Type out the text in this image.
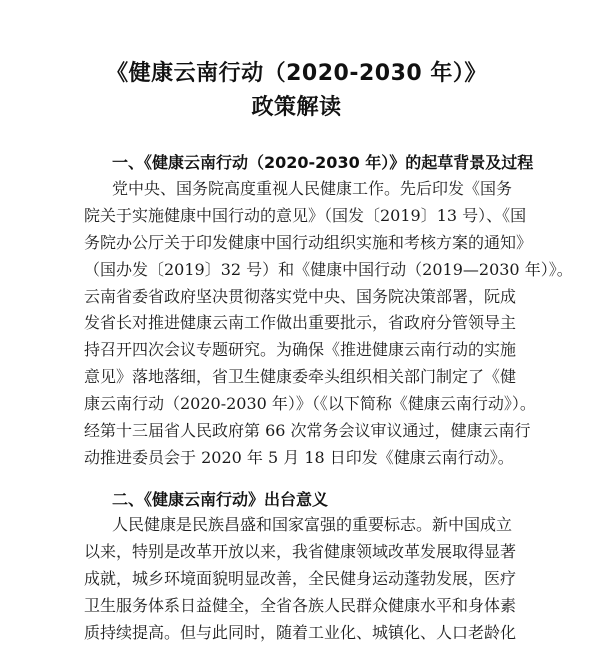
《健康云南行动（2020-2030 年）》
政策解读
一、《健康云南行动（2020-2030 年）》的起草背景及过程
党中央、国务院高度重视人民健康工作。先后印发《国务
院关于实施健康中国行动的意见》（国发〔2019〕13 号）、《国
务院办公厅关于印发健康中国行动组织实施和考核方案的通知》
（国办发〔2019〕32 号）和《健康中国行动（2019—2030 年）》。
云南省委省政府坚决贯彻落实党中央、国务院决策部署，阮成
发省长对推进健康云南工作做出重要批示，省政府分管领导主
持召开四次会议专题研究。为确保《推进健康云南行动的实施
意见》落地落细，省卫生健康委牵头组织相关部门制定了《健
康云南行动（2020-2030 年）》（《以下简称《健康云南行动》）。
经第十三届省人民政府第 66 次常务会议审议通过，健康云南行
动推进委员会于 2020 年 5 月 18 日印发《健康云南行动》。
二、《健康云南行动》出台意义
人民健康是民族昌盛和国家富强的重要标志。新中国成立
以来，特别是改革开放以来，我省健康领域改革发展取得显著
成就，城乡环境面貌明显改善，全民健身运动蓬勃发展，医疗
卫生服务体系日益健全，全省各族人民群众健康水平和身体素
质持续提高。但与此同时，随着工业化、城镇化、人口老龄化
